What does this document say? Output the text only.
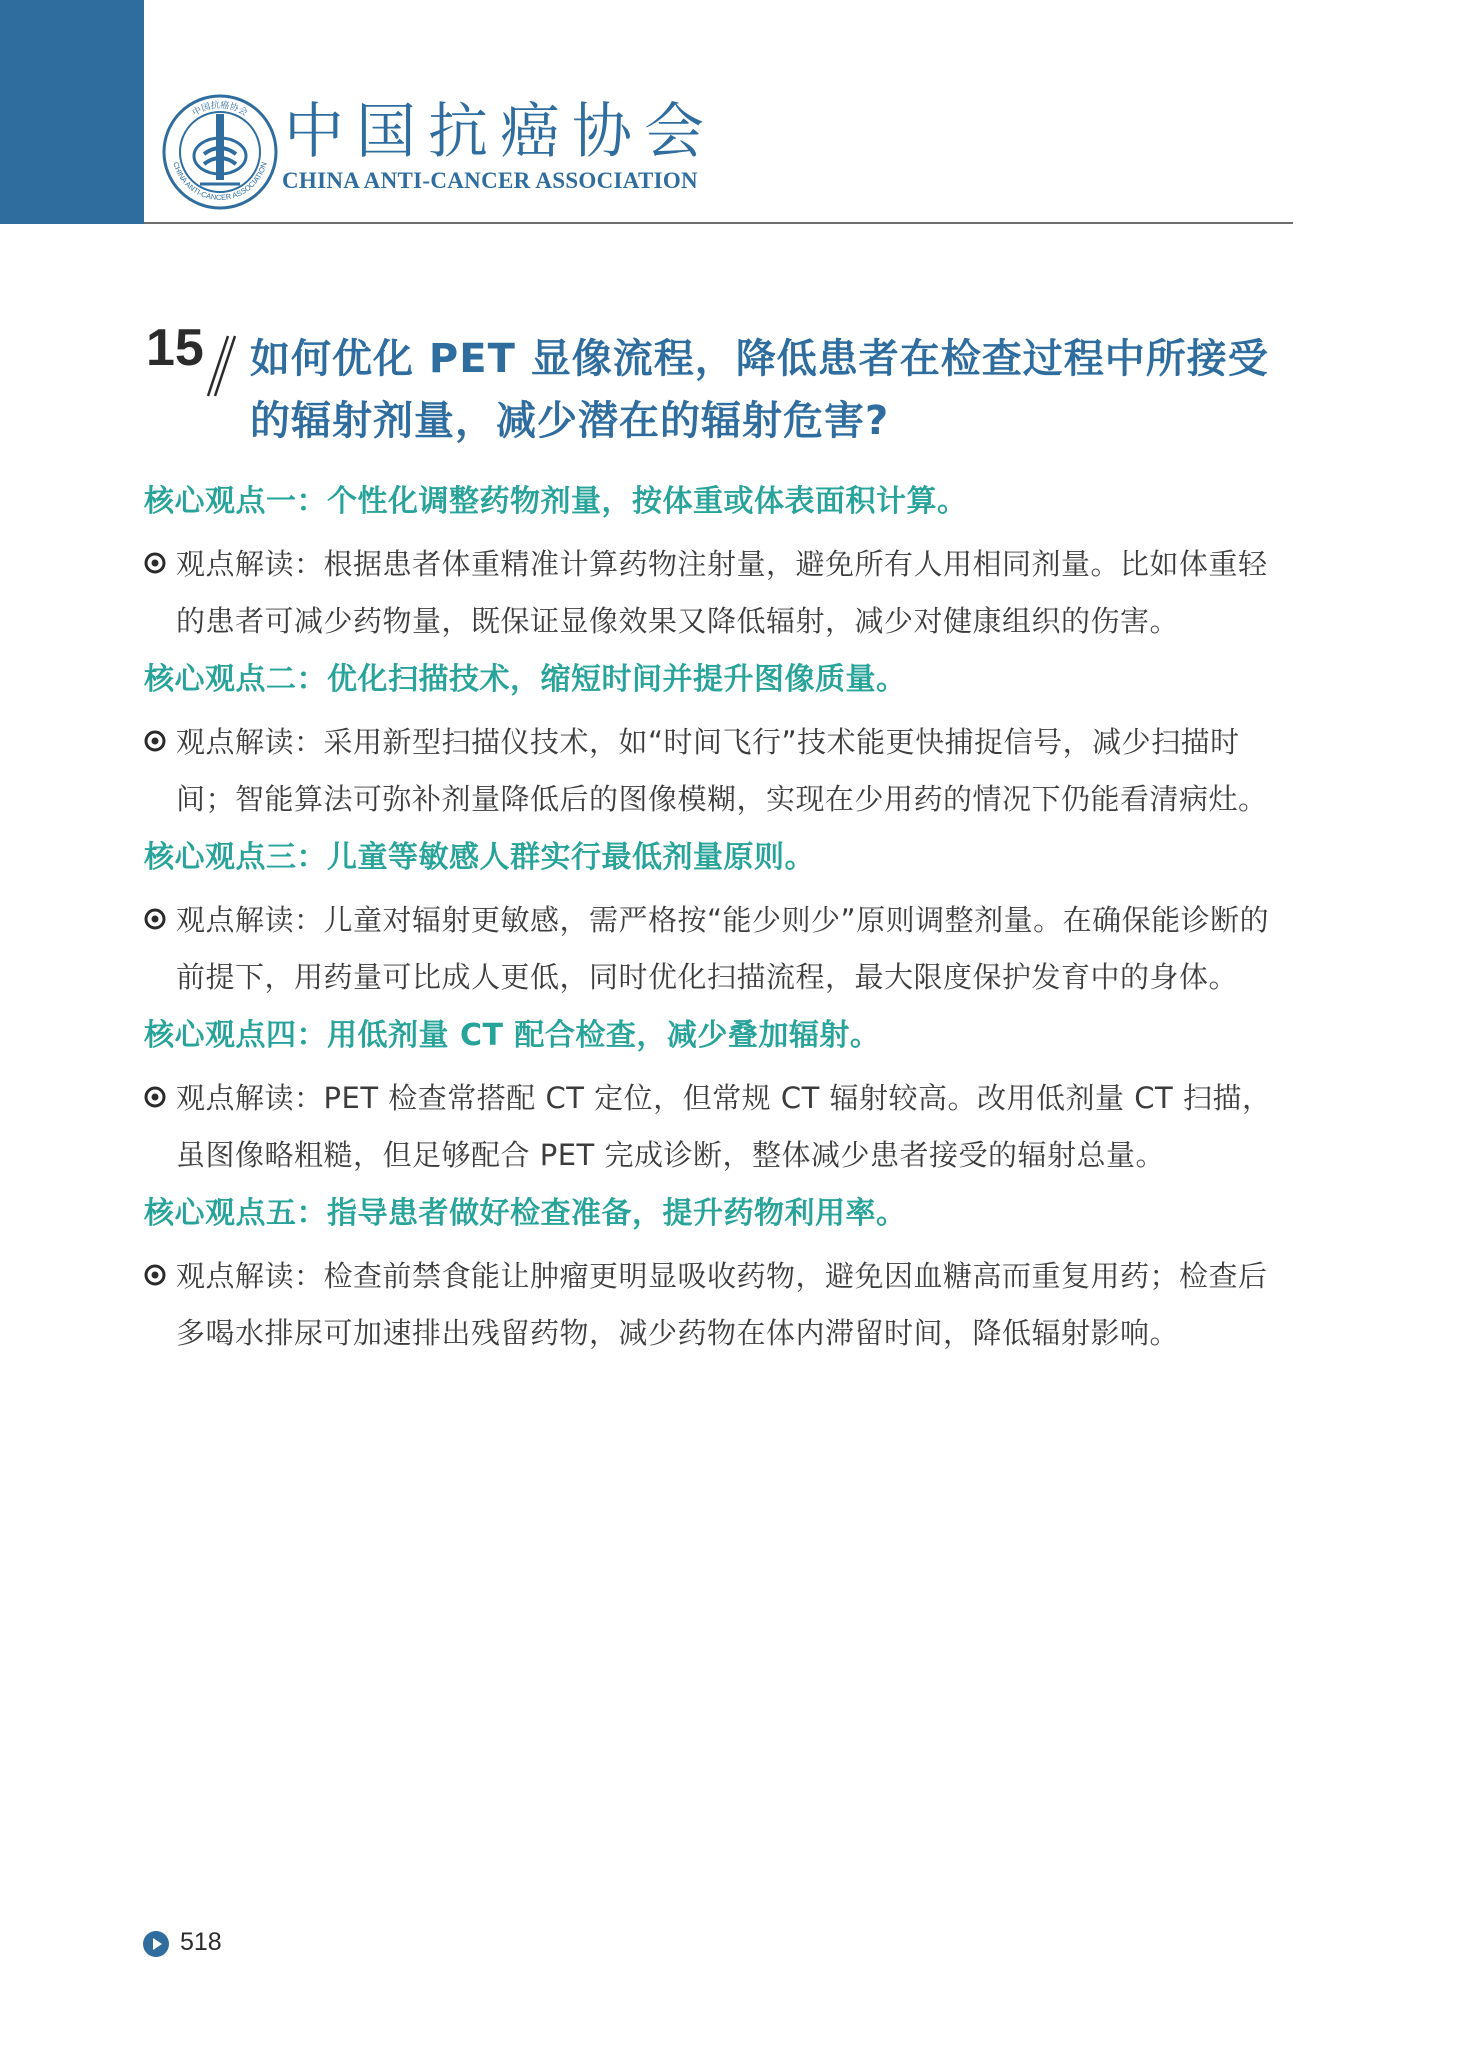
中国抗癌协会
CHINA ANTI-CANCER ASSOCIATION 中国抗癌协会
CHINA ANTI-CANCER ASSOCIATION
15 如何优化 PET 显像流程，降低患者在检查过程中所接受的辐射剂量，减少潜在的辐射危害?
核心观点一：个性化调整药物剂量，按体重或体表面积计算。
观点解读：根据患者体重精准计算药物注射量，避免所有人用相同剂量。比如体重轻的患者可减少药物量，既保证显像效果又降低辐射，减少对健康组织的伤害。
核心观点二：优化扫描技术，缩短时间并提升图像质量。
观点解读：采用新型扫描仪技术，如“时间飞行”技术能更快捕捉信号，减少扫描时间；智能算法可弥补剂量降低后的图像模糊，实现在少用药的情况下仍能看清病灶。
核心观点三：儿童等敏感人群实行最低剂量原则。
观点解读：儿童对辐射更敏感，需严格按“能少则少”原则调整剂量。在确保能诊断的前提下，用药量可比成人更低，同时优化扫描流程，最大限度保护发育中的身体。
核心观点四：用低剂量 CT 配合检查，减少叠加辐射。
观点解读：PET 检查常搭配 CT 定位，但常规 CT 辐射较高。改用低剂量 CT 扫描，虽图像略粗糙，但足够配合 PET 完成诊断，整体减少患者接受的辐射总量。
核心观点五：指导患者做好检查准备，提升药物利用率。
观点解读：检查前禁食能让肿瘤更明显吸收药物，避免因血糖高而重复用药；检查后多喝水排尿可加速排出残留药物，减少药物在体内滞留时间，降低辐射影响。
518
